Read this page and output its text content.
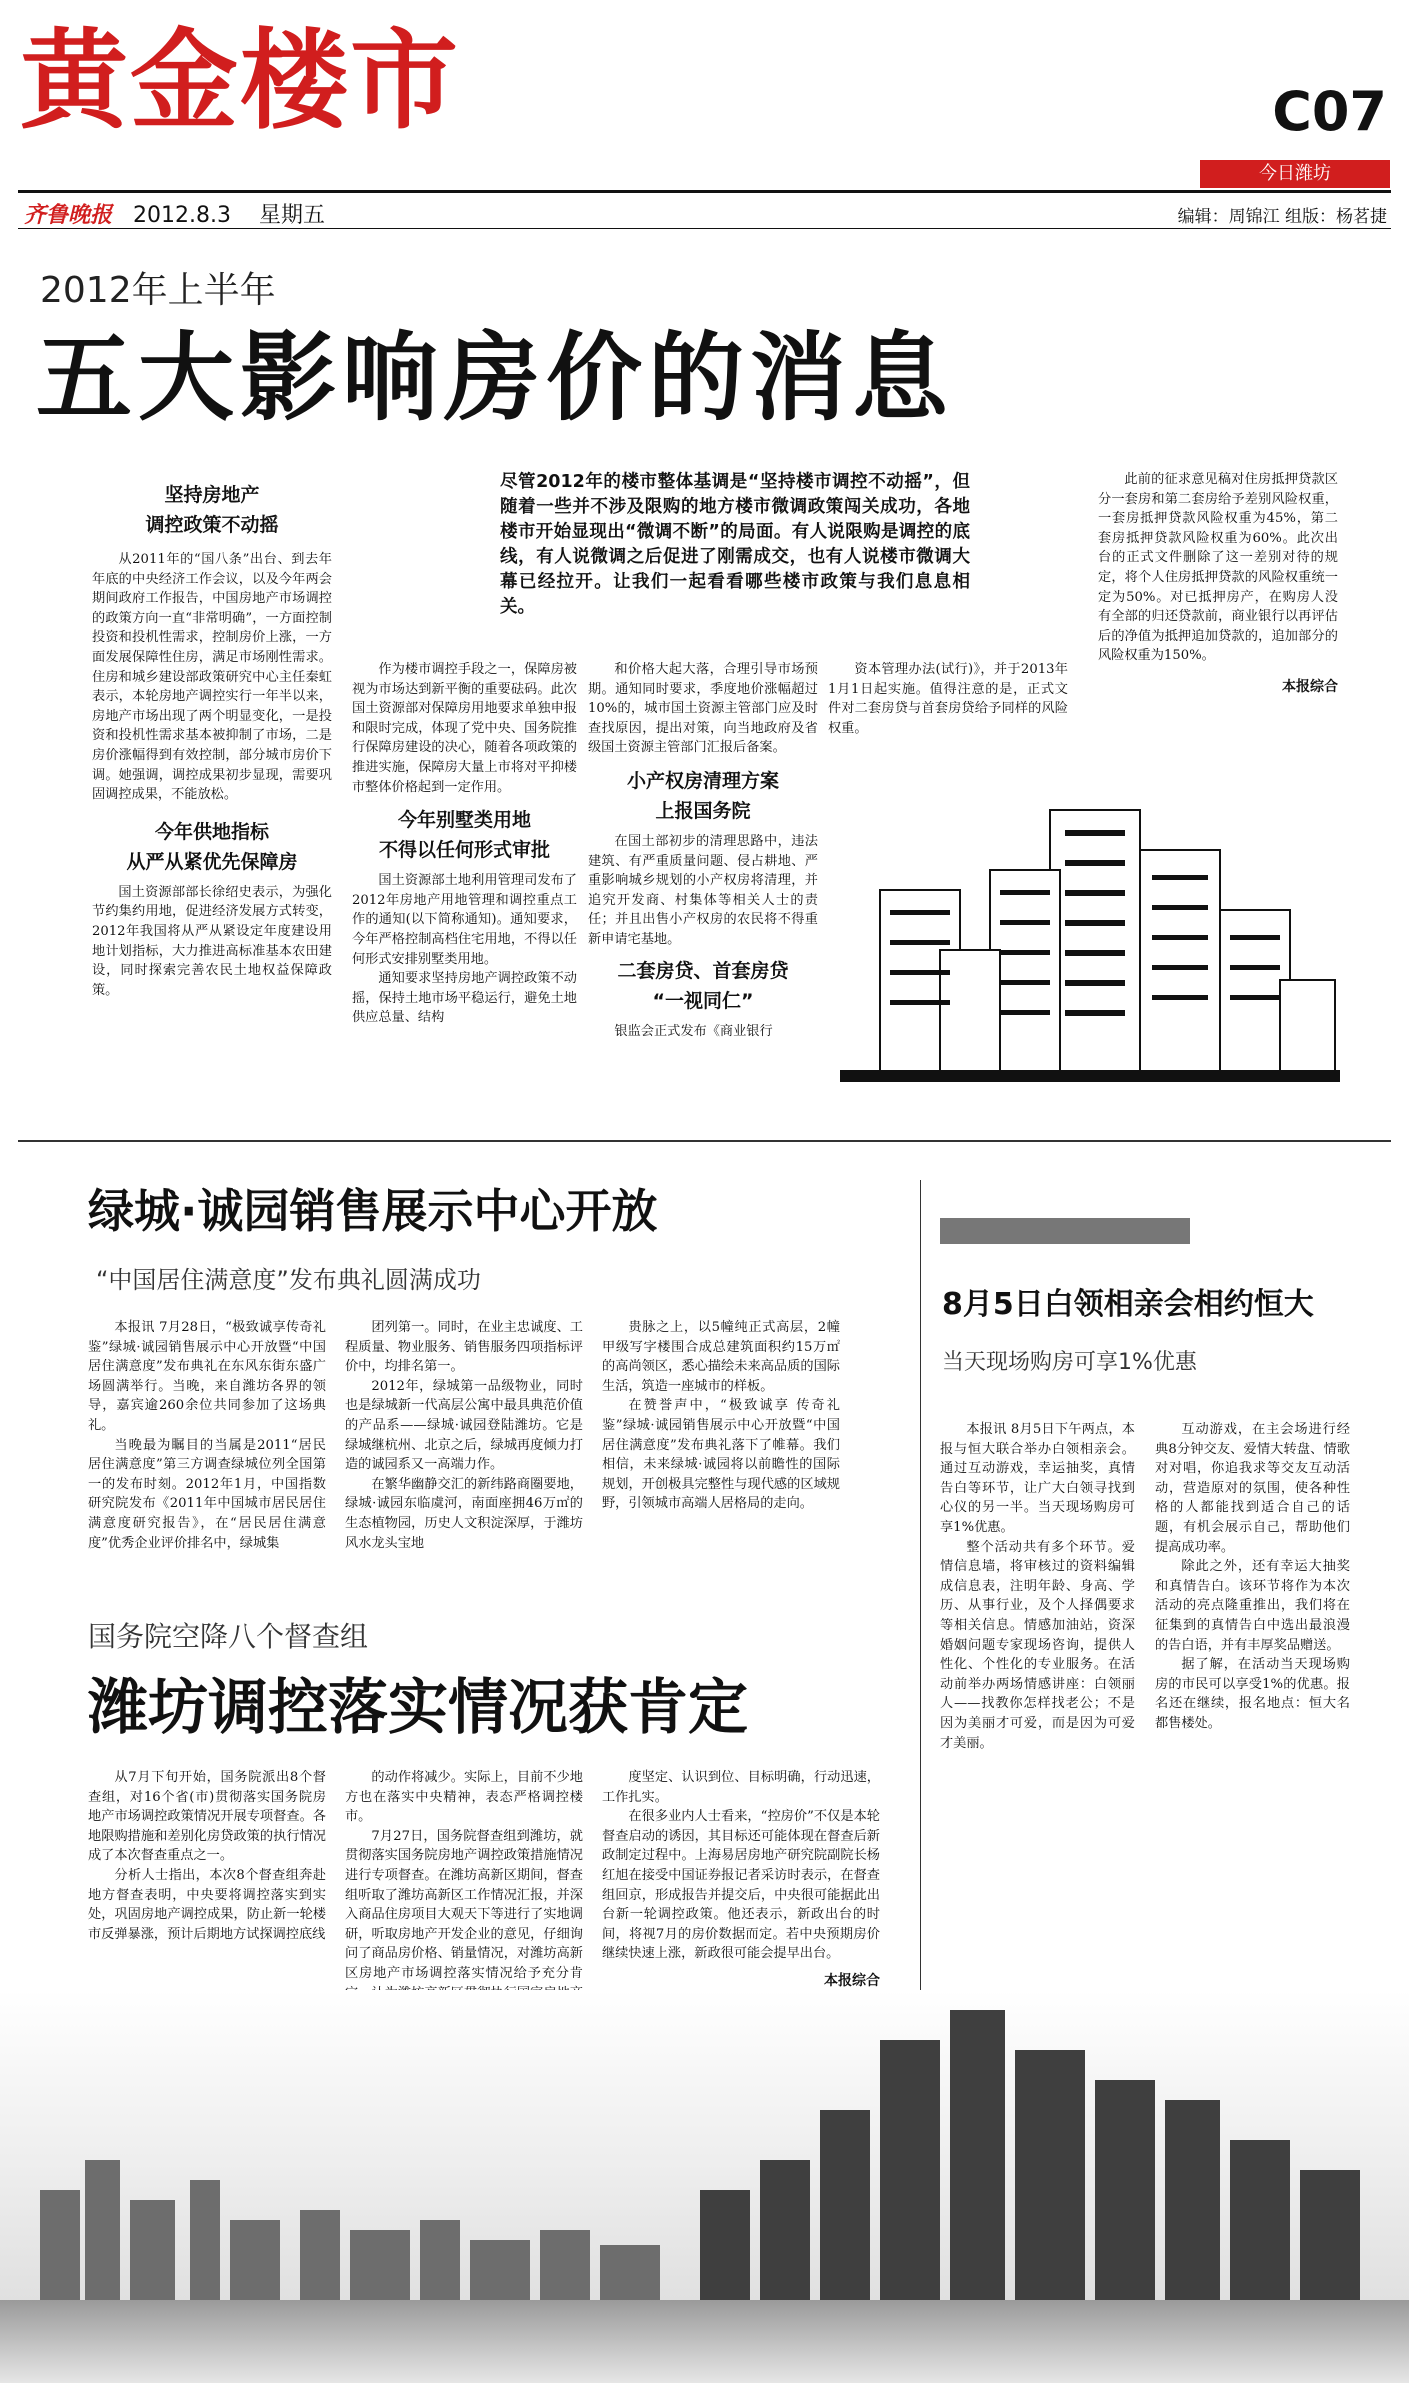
黄金楼市	C07
今日潍坊
齐鲁晚报 2012.8.3 星期五	编辑：周锦江 组版：杨茗捷
2012年上半年
五大影响房价的消息
尽管2012年的楼市整体基调是“坚持楼市调控不动摇”，但随着一些并不涉及限购的地方楼市微调政策闯关成功，各地楼市开始显现出“微调不断”的局面。有人说限购是调控的底线，有人说微调之后促进了刚需成交，也有人说楼市微调大幕已经拉开。让我们一起看看哪些楼市政策与我们息息相关。
坚持房地产
调控政策不动摇
从2011年的“国八条”出台、到去年年底的中央经济工作会议，以及今年两会期间政府工作报告，中国房地产市场调控的政策方向一直“非常明确”，一方面控制投资和投机性需求，控制房价上涨，一方面发展保障性住房，满足市场刚性需求。住房和城乡建设部政策研究中心主任秦虹表示，本轮房地产调控实行一年半以来，房地产市场出现了两个明显变化，一是投资和投机性需求基本被抑制了市场，二是房价涨幅得到有效控制，部分城市房价下调。她强调，调控成果初步显现，需要巩固调控成果，不能放松。
今年供地指标
从严从紧优先保障房
国土资源部部长徐绍史表示，为强化节约集约用地，促进经济发展方式转变，2012年我国将从严从紧设定年度建设用地计划指标，大力推进高标准基本农田建设，同时探索完善农民土地权益保障政策。
作为楼市调控手段之一，保障房被视为市场达到新平衡的重要砝码。此次国土资源部对保障房用地要求单独申报和限时完成，体现了党中央、国务院推行保障房建设的决心，随着各项政策的推进实施，保障房大量上市将对平抑楼市整体价格起到一定作用。
今年别墅类用地
不得以任何形式审批
国土资源部土地利用管理司发布了2012年房地产用地管理和调控重点工作的通知(以下简称通知)。通知要求，今年严格控制高档住宅用地，不得以任何形式安排别墅类用地。
通知要求坚持房地产调控政策不动摇，保持土地市场平稳运行，避免土地供应总量、结构
和价格大起大落，合理引导市场预期。通知同时要求，季度地价涨幅超过10%的，城市国土资源主管部门应及时查找原因，提出对策，向当地政府及省级国土资源主管部门汇报后备案。
小产权房清理方案
上报国务院
在国土部初步的清理思路中，违法建筑、有严重质量问题、侵占耕地、严重影响城乡规划的小产权房将清理，并追究开发商、村集体等相关人士的责任；并且出售小产权房的农民将不得重新申请宅基地。
二套房贷、首套房贷
“一视同仁”
银监会正式发布《商业银行
资本管理办法(试行)》，并于2013年1月1日起实施。值得注意的是，正式文件对二套房贷与首套房贷给予同样的风险权重。
此前的征求意见稿对住房抵押贷款区分一套房和第二套房给予差别风险权重，一套房抵押贷款风险权重为45%，第二套房抵押贷款风险权重为60%。此次出台的正式文件删除了这一差别对待的规定，将个人住房抵押贷款的风险权重统一定为50%。对已抵押房产，在购房人没有全部的归还贷款前，商业银行以再评估后的净值为抵押追加贷款的，追加部分的风险权重为150%。
本报综合
绿城·诚园销售展示中心开放
“中国居住满意度”发布典礼圆满成功
本报讯 7月28日，“极致诚享传奇礼鉴”绿城·诚园销售展示中心开放暨“中国居住满意度”发布典礼在东风东街东盛广场圆满举行。当晚，来自潍坊各界的领导，嘉宾逾260余位共同参加了这场典礼。
当晚最为瞩目的当属是2011“居民居住满意度”第三方调查绿城位列全国第一的发布时刻。2012年1月，中国指数研究院发布《2011年中国城市居民居住满意度研究报告》，在“居民居住满意度”优秀企业评价排名中，绿城集
团列第一。同时，在业主忠诚度、工程质量、物业服务、销售服务四项指标评价中，均排名第一。
2012年，绿城第一品级物业，同时也是绿城新一代高层公寓中最具典范价值的产品系——绿城·诚园登陆潍坊。它是绿城继杭州、北京之后，绿城再度倾力打造的诚园系又一高端力作。
在繁华幽静交汇的新纬路商圈要地，绿城·诚园东临虞河，南面座拥46万㎡的生态植物园，历史人文积淀深厚，于潍坊风水龙头宝地
贵脉之上，以5幢纯正式高层，2幢甲级写字楼围合成总建筑面积约15万㎡的高尚领区，悉心描绘未来高品质的国际生活，筑造一座城市的样板。
在赞誉声中，“极致诚享 传奇礼鉴”绿城·诚园销售展示中心开放暨“中国居住满意度”发布典礼落下了帷幕。我们相信，未来绿城·诚园将以前瞻性的国际规划，开创极具完整性与现代感的区域规野，引领城市高端人居格局的走向。
国务院空降八个督查组
潍坊调控落实情况获肯定
从7月下旬开始，国务院派出8个督查组，对16个省(市)贯彻落实国务院房地产市场调控政策情况开展专项督查。各地限购措施和差别化房贷政策的执行情况成了本次督查重点之一。
分析人士指出，本次8个督查组奔赴地方督查表明，中央要将调控落实到实处，巩固房地产调控成果，防止新一轮楼市反弹暴涨，预计后期地方试探调控底线
的动作将减少。实际上，目前不少地方也在落实中央精神，表态严格调控楼市。
7月27日，国务院督查组到潍坊，就贯彻落实国务院房地产调控政策措施情况进行专项督查。在潍坊高新区期间，督查组听取了潍坊高新区工作情况汇报，并深入商品住房项目大观天下等进行了实地调研，听取房地产开发企业的意见，仔细询问了商品房价格、销量情况，对潍坊高新区房地产市场调控落实情况给予充分肯
度坚定、认识到位、目标明确，行动迅速，工作扎实。
在很多业内人士看来，“控房价”不仅是本轮督查启动的诱因，其目标还可能体现在督查后新政制定过程中。上海易居房地产研究院副院长杨红旭在接受中国证券报记者采访时表示，在督查组回京，形成报告并提交后，中央很可能据此出台新一轮调控政策。他还表示，新政出台的时间，将视7月的房价数据而定。若中央预期房价继续快速上涨，新政很可能会提早出台。
本报综合
8月5日白领相亲会相约恒大
当天现场购房可享1%优惠
本报讯 8月5日下午两点，本报与恒大联合举办白领相亲会。通过互动游戏，幸运抽奖，真情告白等环节，让广大白领寻找到心仪的另一半。当天现场购房可享1%优惠。
整个活动共有多个环节。爱情信息墙，将审核过的资料编辑成信息表，注明年龄、身高、学历、从事行业，及个人择偶要求等相关信息。情感加油站，资深婚姻问题专家现场咨询，提供人性化、个性化的专业服务。在活动前举办两场情感讲座：白领丽人——找教你怎样找老公；不是因为美丽才可爱，而是因为可爱才美丽。
互动游戏，在主会场进行经典8分钟交友、爱情大转盘、情歌对对唱，你追我求等交友互动活动，营造原对的氛围，使各种性格的人都能找到适合自己的话题，有机会展示自己，帮助他们提高成功率。
除此之外，还有幸运大抽奖和真情告白。该环节将作为本次活动的亮点隆重推出，我们将在征集到的真情告白中选出最浪漫的告白语，并有丰厚奖品赠送。
据了解，在活动当天现场购房的市民可以享受1%的优惠。报名还在继续，报名地点：恒大名都售楼处。
